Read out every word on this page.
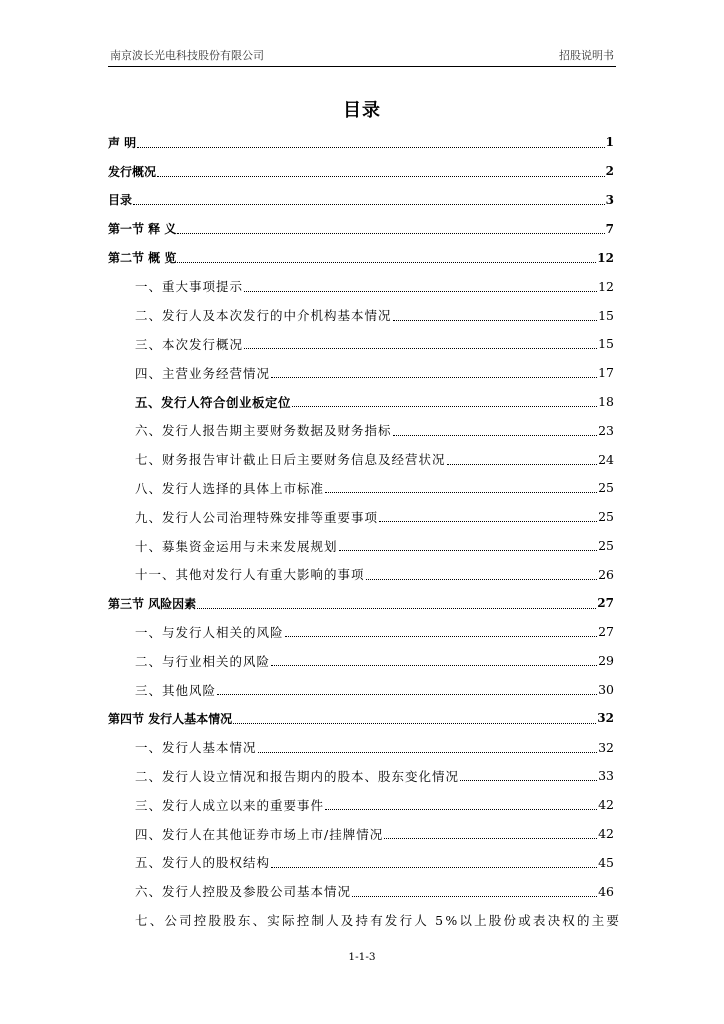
南京波长光电科技股份有限公司	招股说明书
目录
声 明	1
发行概况	2
目录	3
第一节 释 义	7
第二节 概 览	12
一、重大事项提示	12
二、发行人及本次发行的中介机构基本情况	15
三、本次发行概况	15
四、主营业务经营情况	17
五、发行人符合创业板定位	18
六、发行人报告期主要财务数据及财务指标	23
七、财务报告审计截止日后主要财务信息及经营状况	24
八、发行人选择的具体上市标准	25
九、发行人公司治理特殊安排等重要事项	25
十、募集资金运用与未来发展规划	25
十一、其他对发行人有重大影响的事项	26
第三节 风险因素	27
一、与发行人相关的风险	27
二、与行业相关的风险	29
三、其他风险	30
第四节 发行人基本情况	32
一、发行人基本情况	32
二、发行人设立情况和报告期内的股本、股东变化情况	33
三、发行人成立以来的重要事件	42
四、发行人在其他证券市场上市/挂牌情况	42
五、发行人的股权结构	45
六、发行人控股及参股公司基本情况	46
七、公司控股股东、实际控制人及持有发行人 5%以上股份或表决权的主要
1-1-3
